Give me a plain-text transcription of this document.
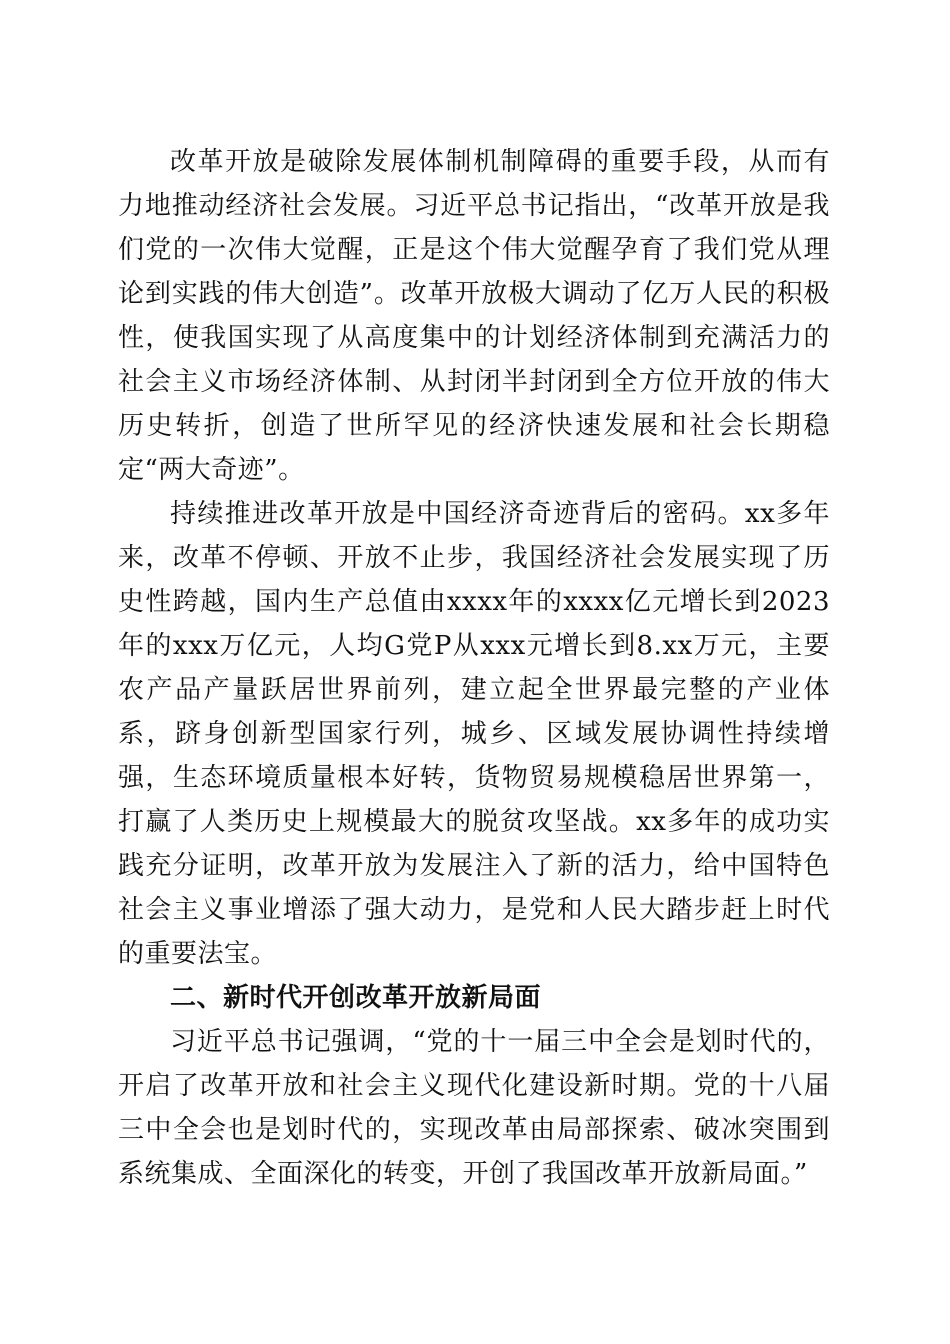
改革开放是破除发展体制机制障碍的重要手段，从而有力地推动经济社会发展。习近平总书记指出，“改革开放是我们党的一次伟大觉醒，正是这个伟大觉醒孕育了我们党从理论到实践的伟大创造”。改革开放极大调动了亿万人民的积极性，使我国实现了从高度集中的计划经济体制到充满活力的社会主义市场经济体制、从封闭半封闭到全方位开放的伟大历史转折，创造了世所罕见的经济快速发展和社会长期稳定“两大奇迹”。

持续推进改革开放是中国经济奇迹背后的密码。xx多年来，改革不停顿、开放不止步，我国经济社会发展实现了历史性跨越，国内生产总值由xxxx年的xxxx亿元增长到2023年的xxx万亿元，人均G党P从xxx元增长到8.xx万元，主要农产品产量跃居世界前列，建立起全世界最完整的产业体系，跻身创新型国家行列，城乡、区域发展协调性持续增强，生态环境质量根本好转，货物贸易规模稳居世界第一，打赢了人类历史上规模最大的脱贫攻坚战。xx多年的成功实践充分证明，改革开放为发展注入了新的活力，给中国特色社会主义事业增添了强大动力，是党和人民大踏步赶上时代的重要法宝。

二、新时代开创改革开放新局面

习近平总书记强调，“党的十一届三中全会是划时代的，开启了改革开放和社会主义现代化建设新时期。党的十八届三中全会也是划时代的，实现改革由局部探索、破冰突围到系统集成、全面深化的转变，开创了我国改革开放新局面。”
